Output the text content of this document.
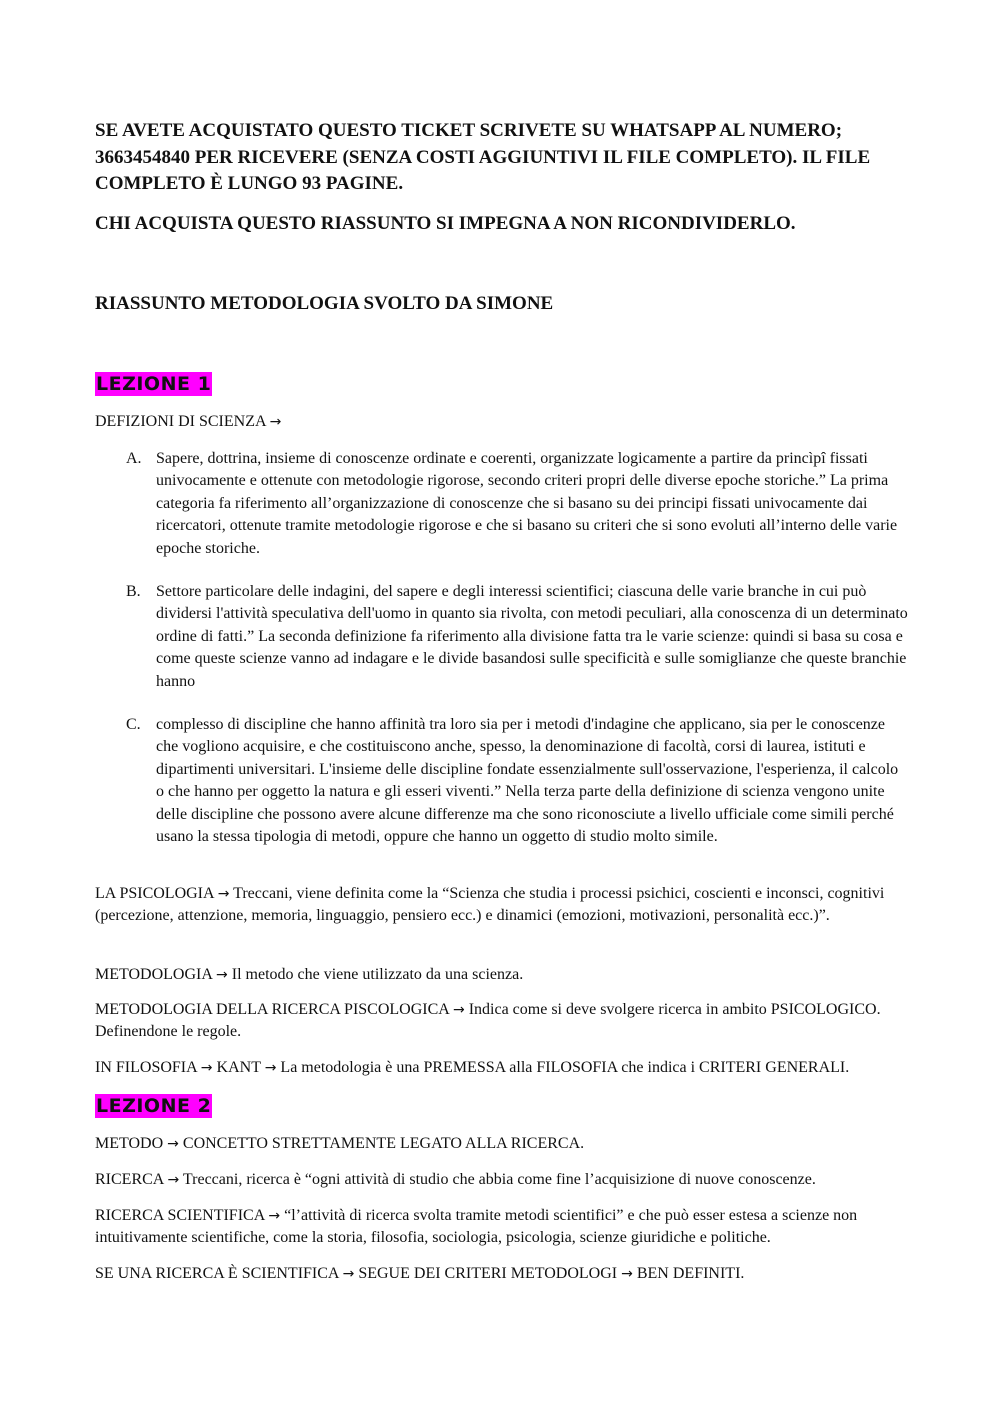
SE AVETE ACQUISTATO QUESTO TICKET SCRIVETE SU WHATSAPP AL NUMERO; 3663454840 PER RICEVERE (SENZA COSTI AGGIUNTIVI IL FILE COMPLETO). IL FILE COMPLETO È LUNGO 93 PAGINE.

CHI ACQUISTA QUESTO RIASSUNTO SI IMPEGNA A NON RICONDIVIDERLO.

RIASSUNTO METODOLOGIA SVOLTO DA SIMONE

LEZIONE 1

DEFIZIONI DI SCIENZA →

A. Sapere, dottrina, insieme di conoscenze ordinate e coerenti, organizzate logicamente a partire da princìpî fissati univocamente e ottenute con metodologie rigorose, secondo criteri propri delle diverse epoche storiche.” La prima categoria fa riferimento all’organizzazione di conoscenze che si basano su dei principi fissati univocamente dai ricercatori, ottenute tramite metodologie rigorose e che si basano su criteri che si sono evoluti all’interno delle varie epoche storiche.
B. Settore particolare delle indagini, del sapere e degli interessi scientifici; ciascuna delle varie branche in cui può dividersi l'attività speculativa dell'uomo in quanto sia rivolta, con metodi peculiari, alla conoscenza di un determinato ordine di fatti.” La seconda definizione fa riferimento alla divisione fatta tra le varie scienze: quindi si basa su cosa e come queste scienze vanno ad indagare e le divide basandosi sulle specificità e sulle somiglianze che queste branchie hanno
C. complesso di discipline che hanno affinità tra loro sia per i metodi d'indagine che applicano, sia per le conoscenze che vogliono acquisire, e che costituiscono anche, spesso, la denominazione di facoltà, corsi di laurea, istituti e dipartimenti universitari. L'insieme delle discipline fondate essenzialmente sull'osservazione, l'esperienza, il calcolo o che hanno per oggetto la natura e gli esseri viventi.” Nella terza parte della definizione di scienza vengono unite delle discipline che possono avere alcune differenze ma che sono riconosciute a livello ufficiale come simili perché usano la stessa tipologia di metodi, oppure che hanno un oggetto di studio molto simile.

LA PSICOLOGIA → Treccani, viene definita come la “Scienza che studia i processi psichici, coscienti e inconsci, cognitivi (percezione, attenzione, memoria, linguaggio, pensiero ecc.) e dinamici (emozioni, motivazioni, personalità ecc.)”.

METODOLOGIA → Il metodo che viene utilizzato da una scienza.

METODOLOGIA DELLA RICERCA PISCOLOGICA → Indica come si deve svolgere ricerca in ambito PSICOLOGICO. Definendone le regole.

IN FILOSOFIA → KANT → La metodologia è una PREMESSA alla FILOSOFIA che indica i CRITERI GENERALI.

LEZIONE 2

METODO → CONCETTO STRETTAMENTE LEGATO ALLA RICERCA.

RICERCA → Treccani, ricerca è “ogni attività di studio che abbia come fine l’acquisizione di nuove conoscenze.

RICERCA SCIENTIFICA → “l’attività di ricerca svolta tramite metodi scientifici” e che può esser estesa a scienze non intuitivamente scientifiche, come la storia, filosofia, sociologia, psicologia, scienze giuridiche e politiche.

SE UNA RICERCA È SCIENTIFICA → SEGUE DEI CRITERI METODOLOGI → BEN DEFINITI.
